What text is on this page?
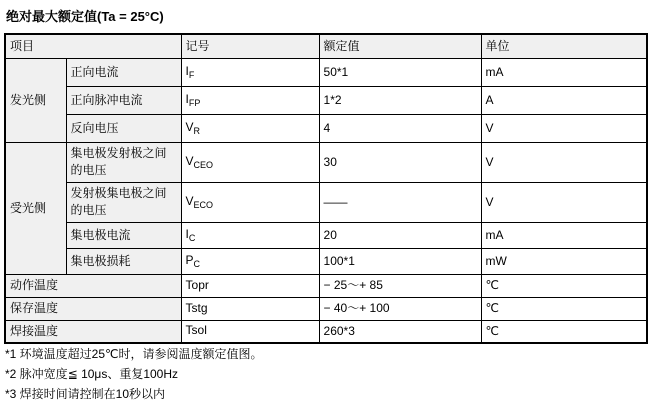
绝对最大额定值(Ta = 25°C)
项目		记号	额定值	单位
发光侧	正向电流	$I_F$	50*1	mA
	正向脉冲电流	$I_{FP}$	1*2	A
	反向电压	$V_R$	4	V
受光侧	集电极发射极之间的电压	$V_{CEO}$	30	V
	发射极集电极之间的电压	$V_{ECO}$	——	V
	集电极电流	$I_C$	20	mA
	集电极损耗	$P_C$	100*1	mW
动作温度		Topr	− 25～+ 85	℃
保存温度		Tstg	− 40～+ 100	℃
焊接温度		Tsol	260*3	℃
*1 环境温度超过25℃时，请参阅温度额定值图。
*2 脉冲宽度≦ 10μs、重复100Hz
*3 焊接时间请控制在10秒以内
